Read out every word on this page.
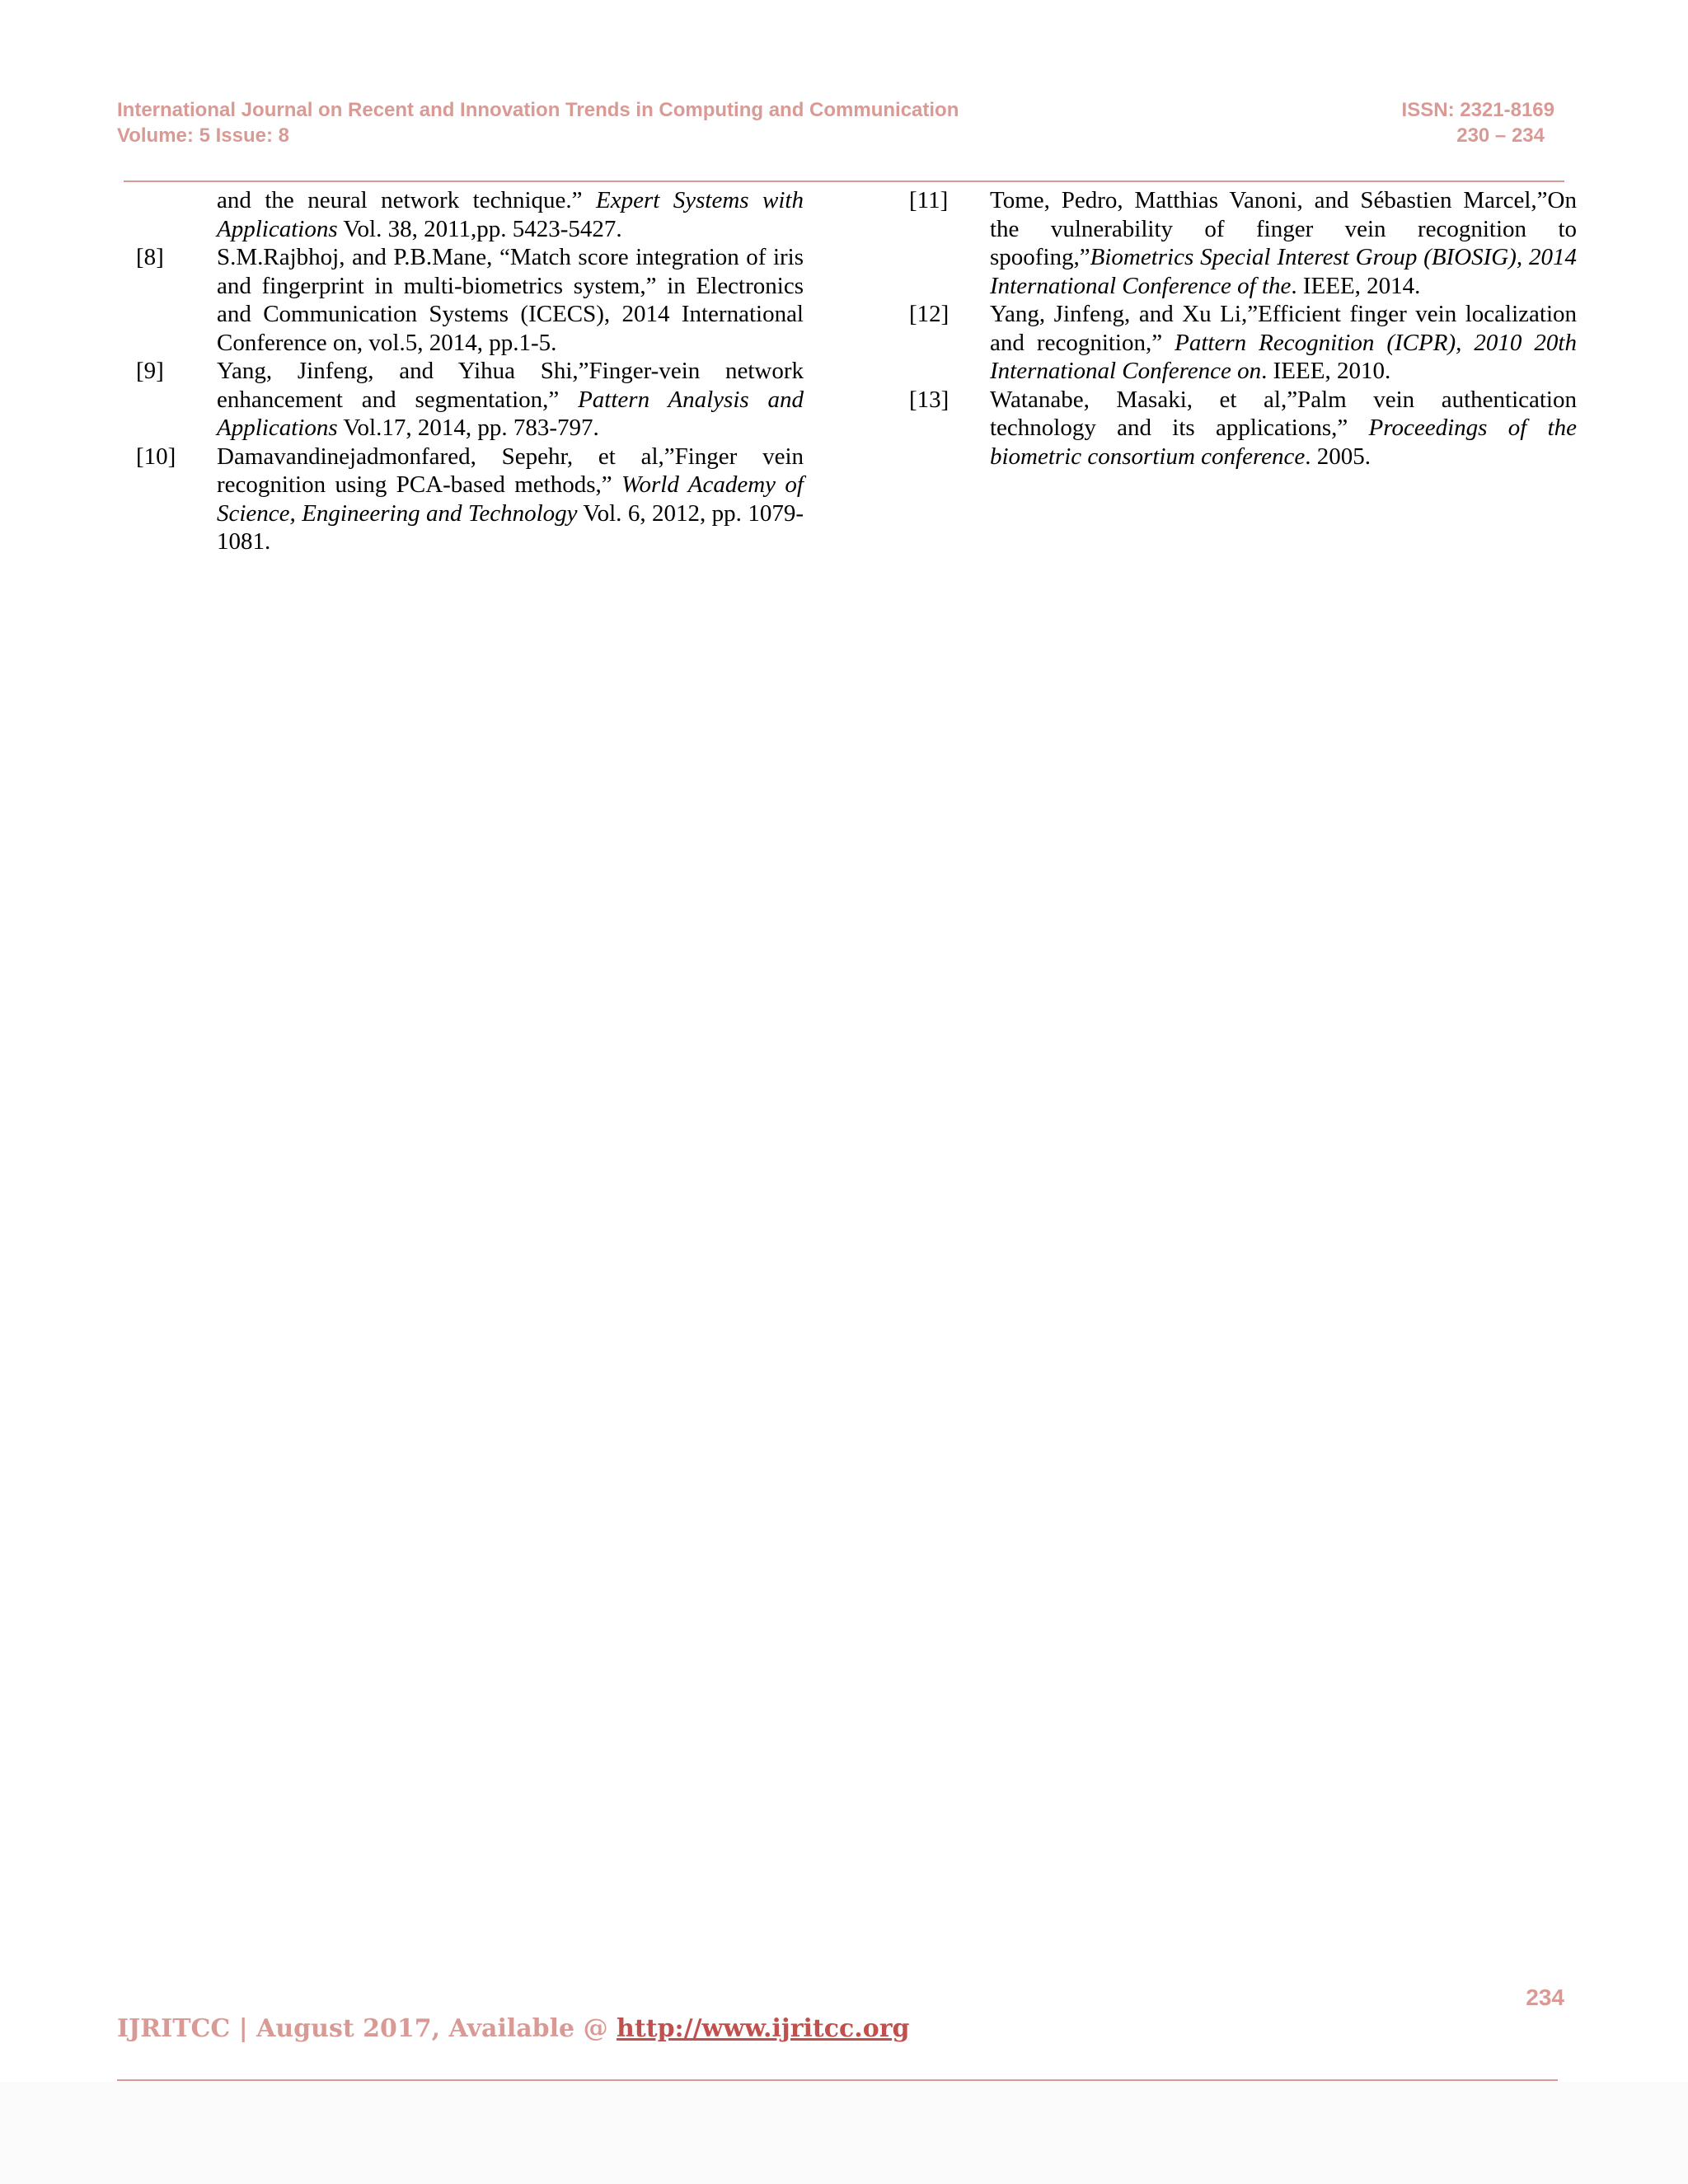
International Journal on Recent and Innovation Trends in Computing and Communication
Volume: 5 Issue: 8
ISSN: 2321-8169
230 – 234
and the neural network technique.” Expert Systems with Applications Vol. 38, 2011,pp. 5423-5427.
[8] S.M.Rajbhoj, and P.B.Mane, “Match score integration of iris and fingerprint in multi-biometrics system,” in Electronics and Communication Systems (ICECS), 2014 International Conference on, vol.5, 2014, pp.1-5.
[9] Yang, Jinfeng, and Yihua Shi,”Finger-vein network enhancement and segmentation,” Pattern Analysis and Applications Vol.17, 2014, pp. 783-797.
[10] Damavandinejadmonfared, Sepehr, et al,”Finger vein recognition using PCA-based methods,” World Academy of Science, Engineering and Technology Vol. 6, 2012, pp. 1079-1081.
[11] Tome, Pedro, Matthias Vanoni, and Sébastien Marcel,”On the vulnerability of finger vein recognition to spoofing,”Biometrics Special Interest Group (BIOSIG), 2014 International Conference of the. IEEE, 2014.
[12] Yang, Jinfeng, and Xu Li,”Efficient finger vein localization and recognition,” Pattern Recognition (ICPR), 2010 20th International Conference on. IEEE, 2010.
[13] Watanabe, Masaki, et al,”Palm vein authentication technology and its applications,” Proceedings of the biometric consortium conference. 2005.
234
IJRITCC | August 2017, Available @ http://www.ijritcc.org
